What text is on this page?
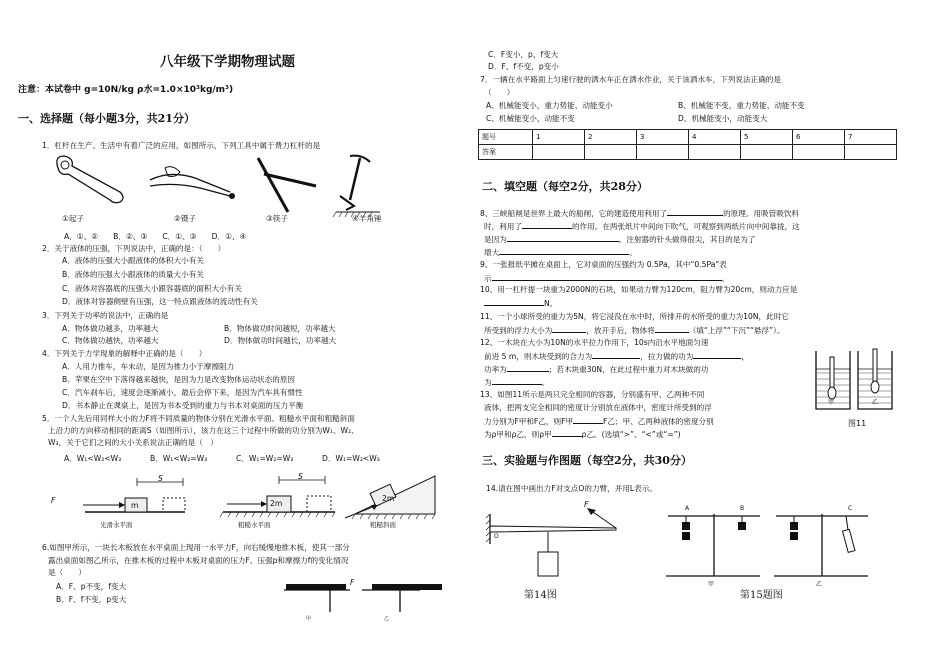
八年级下学期物理试题
注意：本试卷中 g=10N/kg ρ水=1.0×10³kg/m³)
一、选择题（每小题3分，共21分）
1．杠杆在生产、生活中有着广泛的应用，如图所示，下列工具中属于费力杠杆的是
①起子	②镊子	③筷子	④羊角锤
A．①、②　　B．②、③　　C．①、③　　D．①、④
2．关于液体的压强，下列说法中，正确的是：（　　）
A．液体的压强大小跟液体的体积大小有关
B．液体的压强大小跟液体的质量大小有关
C．液体对容器底的压强大小跟容器底的面积大小有关
D．液体对容器侧壁有压强，这一特点跟液体的流动性有关
3．下列关于功率的说法中，正确的是
A．物体做功越多，功率越大	B．物体做功时间越短，功率越大
C．物体做功越快，功率越大	D．物体做功时间越长，功率越大
4．下列关于力学现象的解释中正确的是（　　）
A．人用力推车，车未动，是因为推力小于摩擦阻力
B．苹果在空中下落得越来越快，是因为力是改变物体运动状态的原因
C．汽车刹车后，速度会逐渐减小，最后会停下来，是因为汽车具有惯性
D．书本静止在课桌上，是因为书本受到的重力与书本对桌面的压力平衡
5．一个人先后用同样大小的力F将不同质量的物体分别在光滑水平面、粗糙水平面和粗糙斜面
上沿力的方向移动相同的距离S（如图所示），该力在这三个过程中所做的功分别为W₁、W₂、
W₃，关于它们之间的大小关系说法正确的是（　）
A．W₁<W₂<W₃	B．W₁<W₂=W₃	C．W₁=W₂=W₃	D．W₁=W₂<W₃
F
S	S
m	2m
2m
光滑水平面	粗糙水平面	粗糙斜面
6.如图甲所示，一块长木板放在水平桌面上现用一水平力F，向右缓慢地推木板，使其一部分
露出桌面如图乙所示，在推木板的过程中木板对桌面的压力F、压强p和摩擦力f的变化情况
是（　　）
A．F、p不变，f变大
B．F、f不变，p变大
F
甲	乙
C．F变小，p、f变大
D．F、f不变，p变小
7．一辆在水平路面上匀速行驶的洒水车正在洒水作业，关于该洒水车，下列说法正确的是
（　　）
A、机械能变小，重力势能、动能变小	B、机械能不变，重力势能、动能不变
C、机械能变小，动能不变	D、机械能变小，动能变大
题号	1	2	3	4	5	6	7
答案							
二、填空题（每空2分，共28分）
8、三峡船闸是世界上最大的船闸，它的建造使用利用了	的原理。用吸管吸饮料
时，利用了	的作用。在两张纸片中间向下吹气，可观察到两纸片向中间靠拢，这
是因为	。注射器的针头做得很尖，其目的是为了
增大	。
9、一张报纸平摊在桌面上，它对桌面的压强约为 0.5Pa，其中“0.5Pa”表
示	。
10、用一杠杆提一块重为2000N的石块，如果动力臂为120cm，阻力臂为20cm，则动力应是
N。
11、一个小球所受的重力为5N，将它浸没在水中时，所排开的水所受的重力为10N，此时它
所受到的浮力大小为	，放开手后，物体将	（填“上浮”“下沉”“悬浮”）。
12、一木块在大小为10N的水平拉力作用下，10s内沿水平地面匀速
前进 5 m，则木块受到的合力为	，拉力做的功为	，
功率为	；若木块重30N，在此过程中重力对木块做的功
为	。
13、如图11所示是两只完全相同的容器，分别盛有甲、乙两种不同
液体，把两支完全相同的密度计分别放在液体中，密度计所受到的浮
力分别为F甲和F乙，则F甲	F乙；甲、乙两种液体的密度分别
为ρ甲和ρ乙，则ρ甲	ρ乙。(选填“>”、“<”或“=”)
甲	乙
图11
三、实验题与作图题（每空2分，共30分）
14.请在图中画出力F对支点O的力臂，并用L表示。
F
O
第14图
A	B	C
甲	乙
第15题图
